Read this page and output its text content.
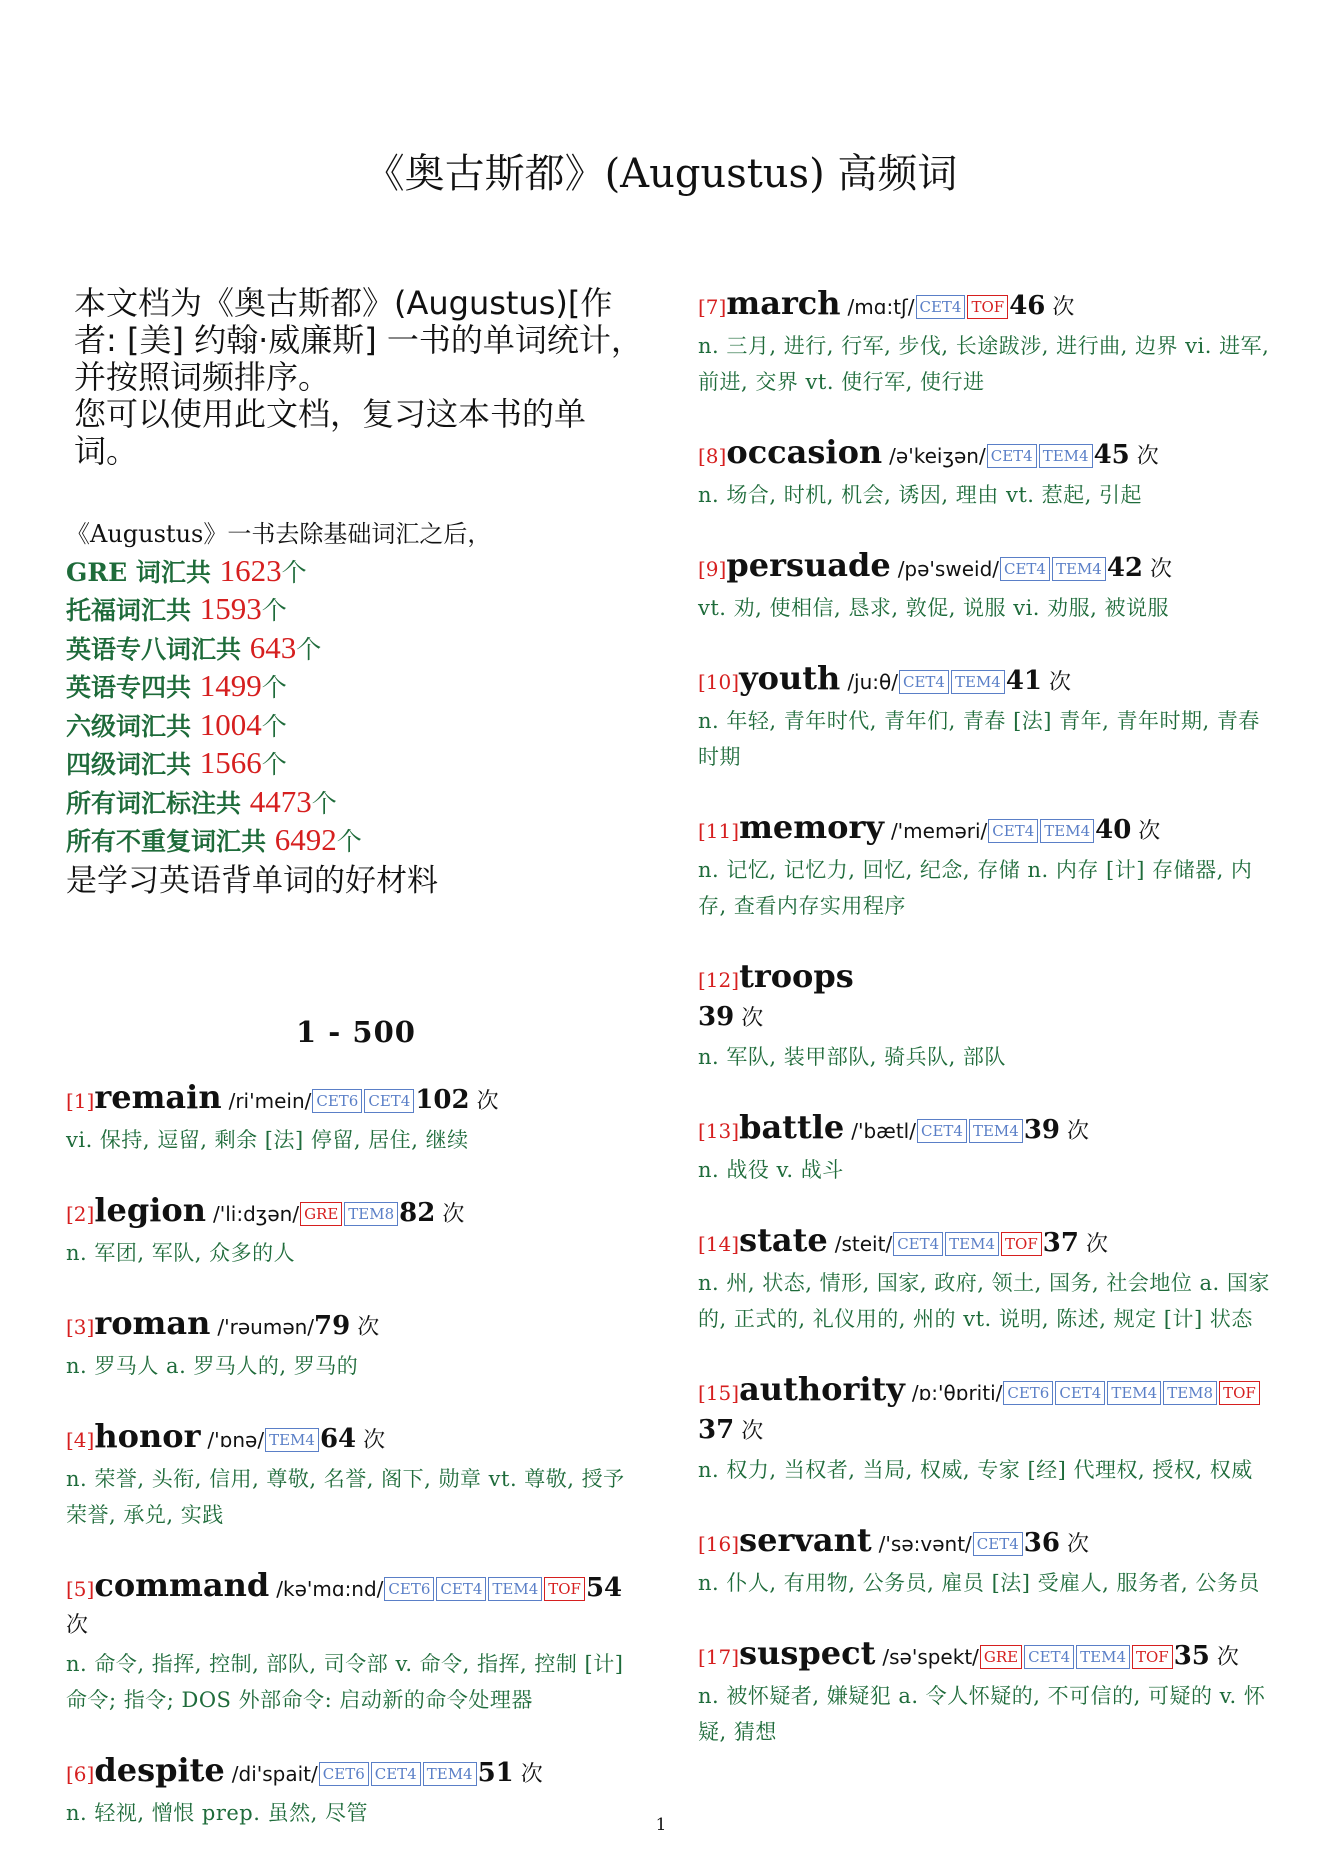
《奥古斯都》(Augustus) 高频词

本文档为《奥古斯都》(Augustus)[作者: [美] 约翰·威廉斯] 一书的单词统计，并按照词频排序。

您可以使用此文档，复习这本书的单词。

《Augustus》一书去除基础词汇之后，
GRE 词汇共 1623个
托福词汇共 1593个
英语专八词汇共 643个
英语专四共 1499个
六级词汇共 1004个
四级词汇共 1566个
所有词汇标注共 4473个
所有不重复词汇共 6492个
是学习英语背单词的好材料
1 - 500
[1]remain /ri'mein/ CET6 CET4 102 次
vi. 保持, 逗留, 剩余 [法] 停留, 居住, 继续
[2]legion /'li:dʒən/ GRE TEM8 82 次
n. 军团, 军队, 众多的人
[3]roman /'rəumən/79 次
n. 罗马人 a. 罗马人的, 罗马的
[4]honor /'ɒnə/ TEM4 64 次
n. 荣誉, 头衔, 信用, 尊敬, 名誉, 阁下, 勋章 vt. 尊敬, 授予荣誉, 承兑, 实践
[5]command /kə'mɑ:nd/ CET6 CET4 TEM4 TOF 54 次
n. 命令, 指挥, 控制, 部队, 司令部 v. 命令, 指挥, 控制 [计] 命令; 指令; DOS 外部命令: 启动新的命令处理器
[6]despite /di'spait/ CET6 CET4 TEM4 51 次
n. 轻视, 憎恨 prep. 虽然, 尽管
[7]march /mɑ:tʃ/ CET4 TOF 46 次
n. 三月, 进行, 行军, 步伐, 长途跋涉, 进行曲, 边界 vi. 进军, 前进, 交界 vt. 使行军, 使行进
[8]occasion /ə'keiʒən/ CET4 TEM4 45 次
n. 场合, 时机, 机会, 诱因, 理由 vt. 惹起, 引起
[9]persuade /pə'sweid/ CET4 TEM4 42 次
vt. 劝, 使相信, 恳求, 敦促, 说服 vi. 劝服, 被说服
[10]youth /ju:θ/ CET4 TEM4 41 次
n. 年轻, 青年时代, 青年们, 青春 [法] 青年, 青年时期, 青春时期
[11]memory /'meməri/ CET4 TEM4 40 次
n. 记忆, 记忆力, 回忆, 纪念, 存储 n. 内存 [计] 存储器, 内存, 查看内存实用程序
[12]troops
39 次
n. 军队, 装甲部队, 骑兵队, 部队
[13]battle /'bætl/ CET4 TEM4 39 次
n. 战役 v. 战斗
[14]state /steit/ CET4 TEM4 TOF 37 次
n. 州, 状态, 情形, 国家, 政府, 领土, 国务, 社会地位 a. 国家的, 正式的, 礼仪用的, 州的 vt. 说明, 陈述, 规定 [计] 状态
[15]authority /ɒ:'θɒriti/ CET6 CET4 TEM4 TEM8 TOF37 次
n. 权力, 当权者, 当局, 权威, 专家 [经] 代理权, 授权, 权威
[16]servant /'sə:vənt/ CET4 36 次
n. 仆人, 有用物, 公务员, 雇员 [法] 受雇人, 服务者, 公务员
[17]suspect /sə'spekt/ GRE CET4 TEM4 TOF 35 次
n. 被怀疑者, 嫌疑犯 a. 令人怀疑的, 不可信的, 可疑的 v. 怀疑, 猜想
1
